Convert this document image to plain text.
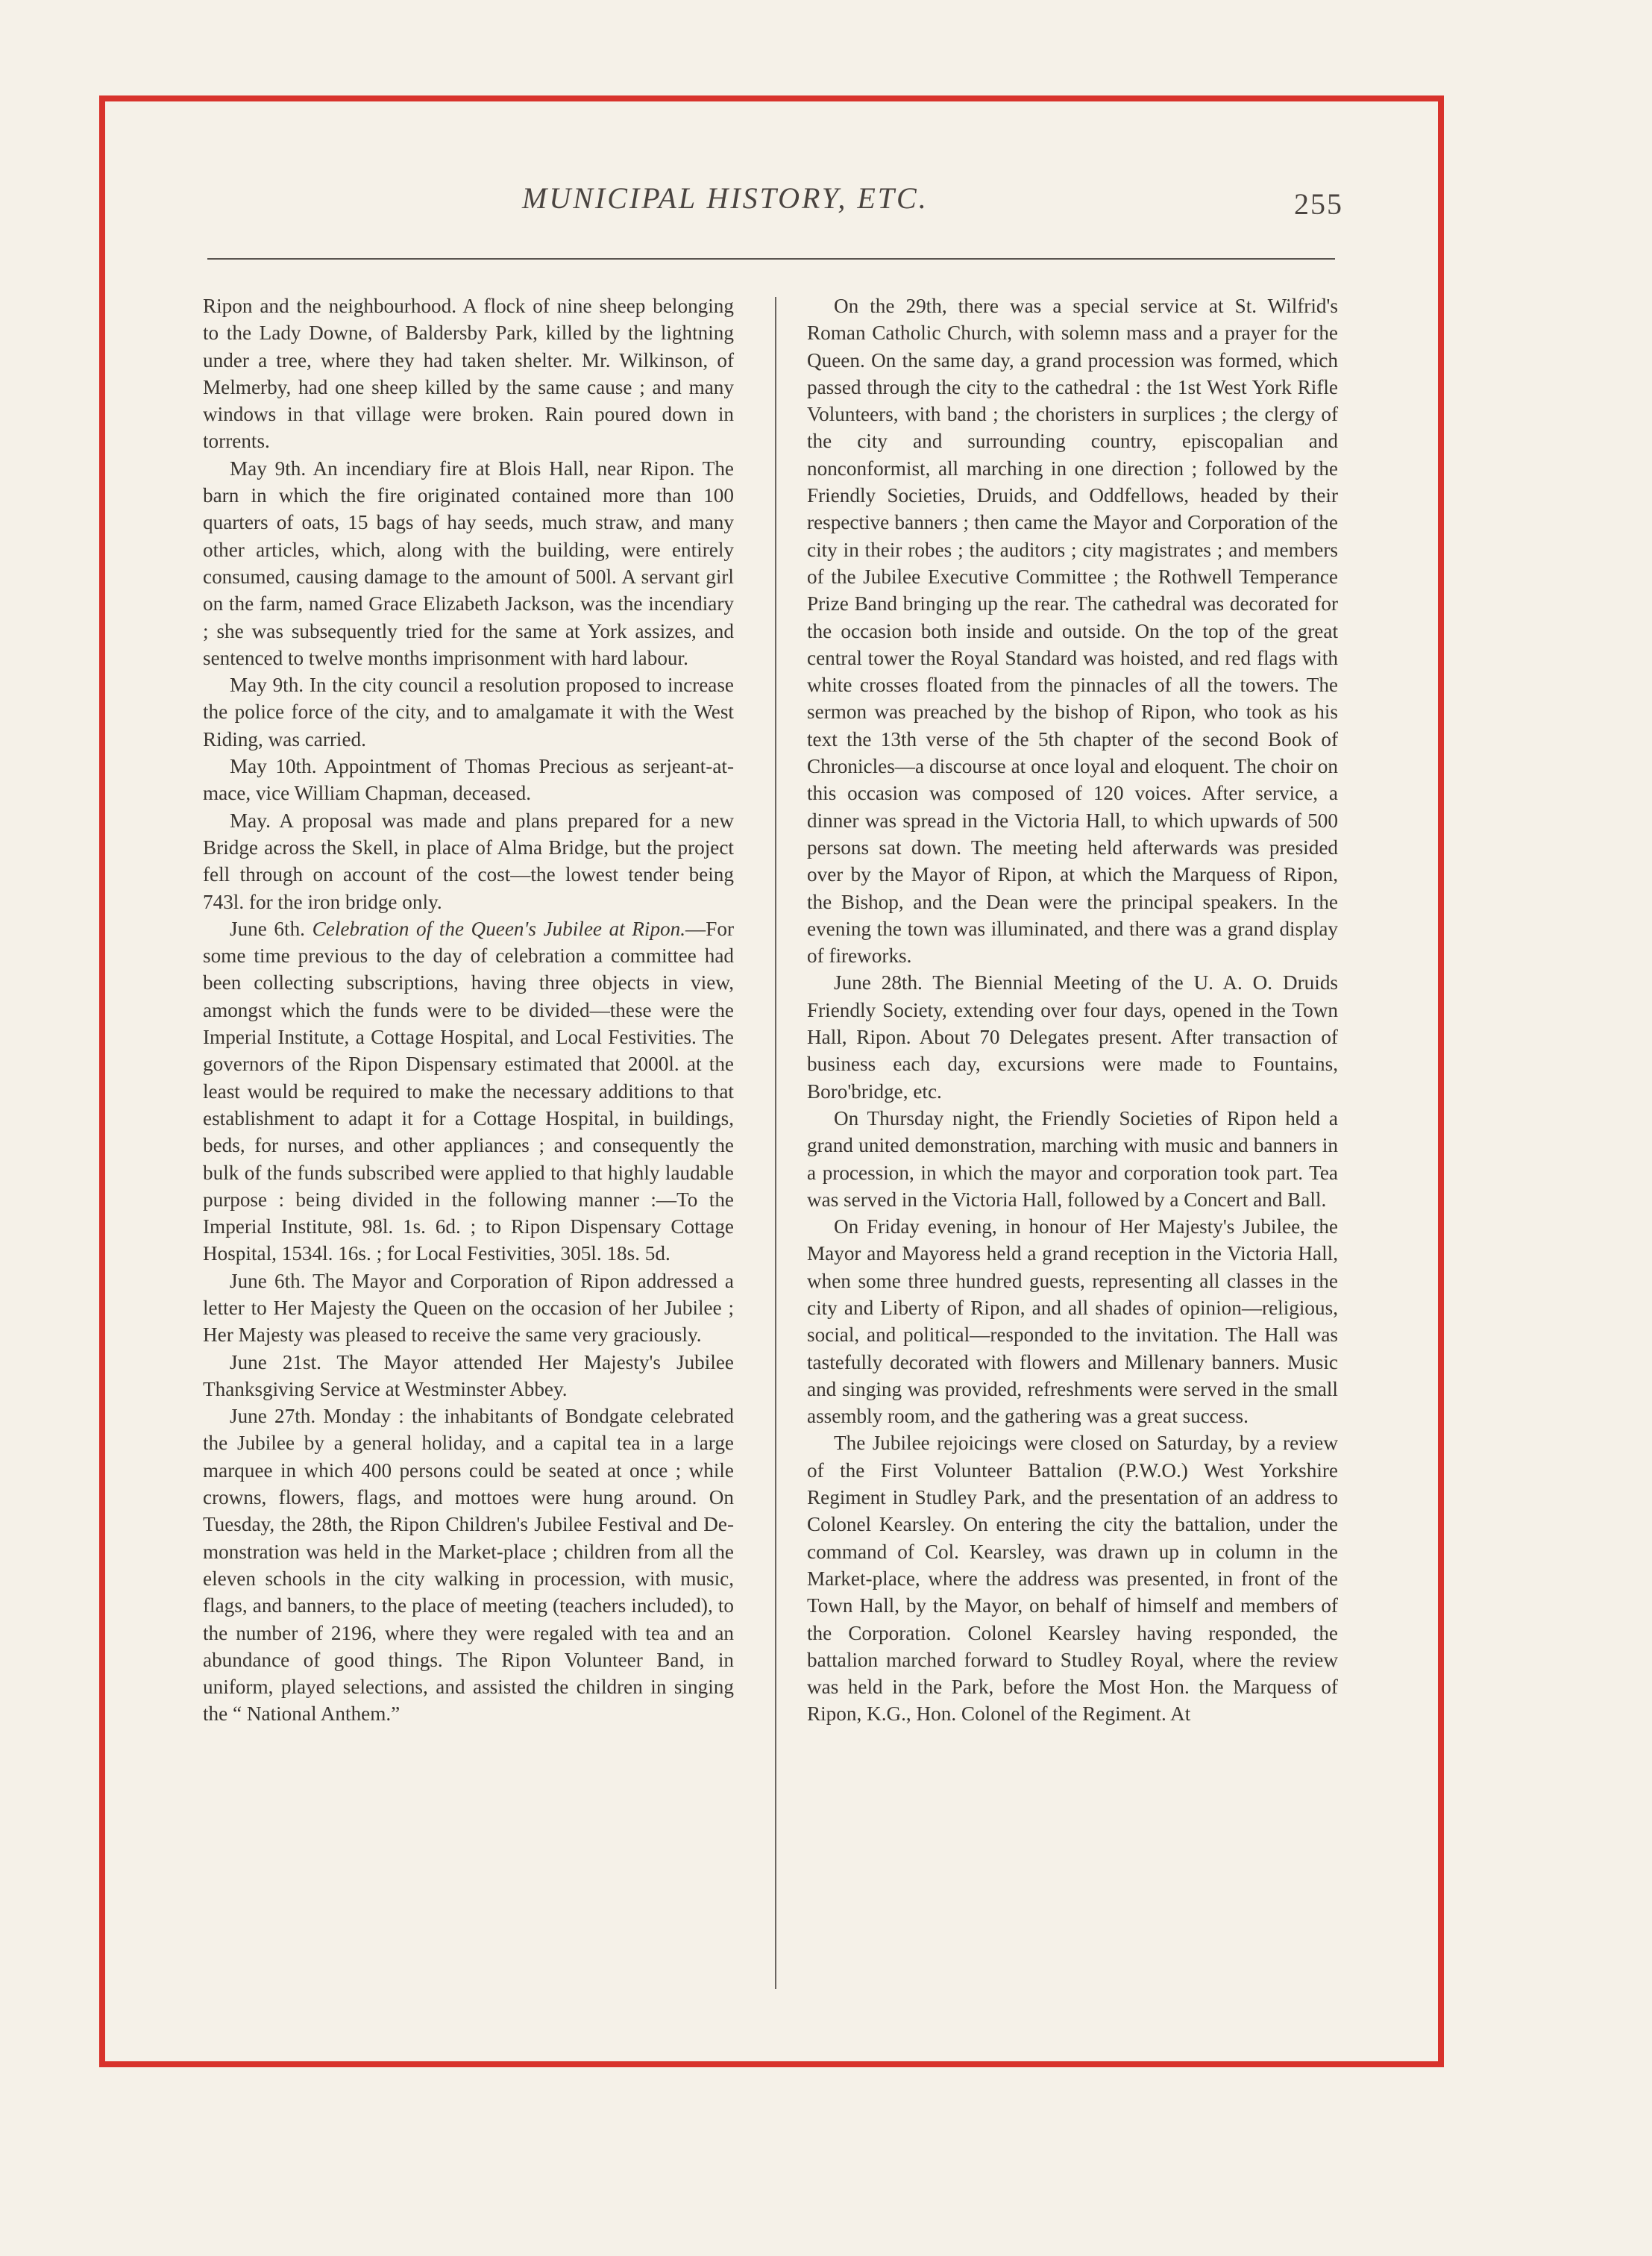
MUNICIPAL HISTORY, ETC.	255

Ripon and the neighbourhood. A flock of nine sheep belonging to the Lady Downe, of Baldersby Park, killed by the lightning under a tree, where they had taken shelter. Mr. Wilkinson, of Melmerby, had one sheep killed by the same cause ; and many windows in that village were broken. Rain poured down in torrents.

May 9th. An incendiary fire at Blois Hall, near Ripon. The barn in which the fire originated contained more than 100 quarters of oats, 15 bags of hay seeds, much straw, and many other articles, which, along with the building, were entirely consumed, causing damage to the amount of 500l. A servant girl on the farm, named Grace Elizabeth Jackson, was the incendiary ; she was subsequently tried for the same at York assizes, and sentenced to twelve months imprisonment with hard labour.

May 9th. In the city council a resolution proposed to increase the police force of the city, and to amalgamate it with the West Riding, was carried.

May 10th. Appointment of Thomas Precious as serjeant-at-mace, vice William Chapman, deceased.

May. A proposal was made and plans prepared for a new Bridge across the Skell, in place of Alma Bridge, but the project fell through on account of the cost—the lowest tender being 743l. for the iron bridge only.

June 6th. Celebration of the Queen's Jubilee at Ripon.—For some time previous to the day of celebration a committee had been collecting subscriptions, having three objects in view, amongst which the funds were to be divided—these were the Imperial Institute, a Cottage Hospital, and Local Festivities. The governors of the Ripon Dispensary estimated that 2000l. at the least would be required to make the necessary additions to that establishment to adapt it for a Cottage Hospital, in buildings, beds, for nurses, and other appliances ; and consequently the bulk of the funds subscribed were applied to that highly laudable purpose : being divided in the following manner :—To the Imperial Institute, 98l. 1s. 6d. ; to Ripon Dispensary Cottage Hospital, 1534l. 16s. ; for Local Festivities, 305l. 18s. 5d.

June 6th. The Mayor and Corporation of Ripon addressed a letter to Her Majesty the Queen on the occasion of her Jubilee ; Her Majesty was pleased to receive the same very graciously.

June 21st. The Mayor attended Her Majesty's Jubilee Thanksgiving Service at Westminster Abbey.

June 27th. Monday : the inhabitants of Bondgate celebrated the Jubilee by a general holiday, and a capital tea in a large marquee in which 400 persons could be seated at once ; while crowns, flowers, flags, and mottoes were hung around. On Tuesday, the 28th, the Ripon Children's Jubilee Festival and Demonstration was held in the Market-place ; children from all the eleven schools in the city walking in procession, with music, flags, and banners, to the place of meeting (teachers included), to the number of 2196, where they were regaled with tea and an abundance of good things. The Ripon Volunteer Band, in uniform, played selections, and assisted the children in singing the “ National Anthem.”

On the 29th, there was a special service at St. Wilfrid's Roman Catholic Church, with solemn mass and a prayer for the Queen. On the same day, a grand procession was formed, which passed through the city to the cathedral : the 1st West York Rifle Volunteers, with band ; the choristers in surplices ; the clergy of the city and surrounding country, episcopalian and nonconformist, all marching in one direction ; followed by the Friendly Societies, Druids, and Oddfellows, headed by their respective banners ; then came the Mayor and Corporation of the city in their robes ; the auditors ; city magistrates ; and members of the Jubilee Executive Committee ; the Rothwell Temperance Prize Band bringing up the rear. The cathedral was decorated for the occasion both inside and outside. On the top of the great central tower the Royal Standard was hoisted, and red flags with white crosses floated from the pinnacles of all the towers. The sermon was preached by the bishop of Ripon, who took as his text the 13th verse of the 5th chapter of the second Book of Chronicles—a discourse at once loyal and eloquent. The choir on this occasion was composed of 120 voices. After service, a dinner was spread in the Victoria Hall, to which upwards of 500 persons sat down. The meeting held afterwards was presided over by the Mayor of Ripon, at which the Marquess of Ripon, the Bishop, and the Dean were the principal speakers. In the evening the town was illuminated, and there was a grand display of fireworks.

June 28th. The Biennial Meeting of the U. A. O. Druids Friendly Society, extending over four days, opened in the Town Hall, Ripon. About 70 Delegates present. After transaction of business each day, excursions were made to Fountains, Boro'bridge, etc.

On Thursday night, the Friendly Societies of Ripon held a grand united demonstration, marching with music and banners in a procession, in which the mayor and corporation took part. Tea was served in the Victoria Hall, followed by a Concert and Ball.

On Friday evening, in honour of Her Majesty's Jubilee, the Mayor and Mayoress held a grand reception in the Victoria Hall, when some three hundred guests, representing all classes in the city and Liberty of Ripon, and all shades of opinion—religious, social, and political—responded to the invitation. The Hall was tastefully decorated with flowers and Millenary banners. Music and singing was provided, refreshments were served in the small assembly room, and the gathering was a great success.

The Jubilee rejoicings were closed on Saturday, by a review of the First Volunteer Battalion (P.W.O.) West Yorkshire Regiment in Studley Park, and the presentation of an address to Colonel Kearsley. On entering the city the battalion, under the command of Col. Kearsley, was drawn up in column in the Market-place, where the address was presented, in front of the Town Hall, by the Mayor, on behalf of himself and members of the Corporation. Colonel Kearsley having responded, the battalion marched forward to Studley Royal, where the review was held in the Park, before the Most Hon. the Marquess of Ripon, K.G., Hon. Colonel of the Regiment. At
